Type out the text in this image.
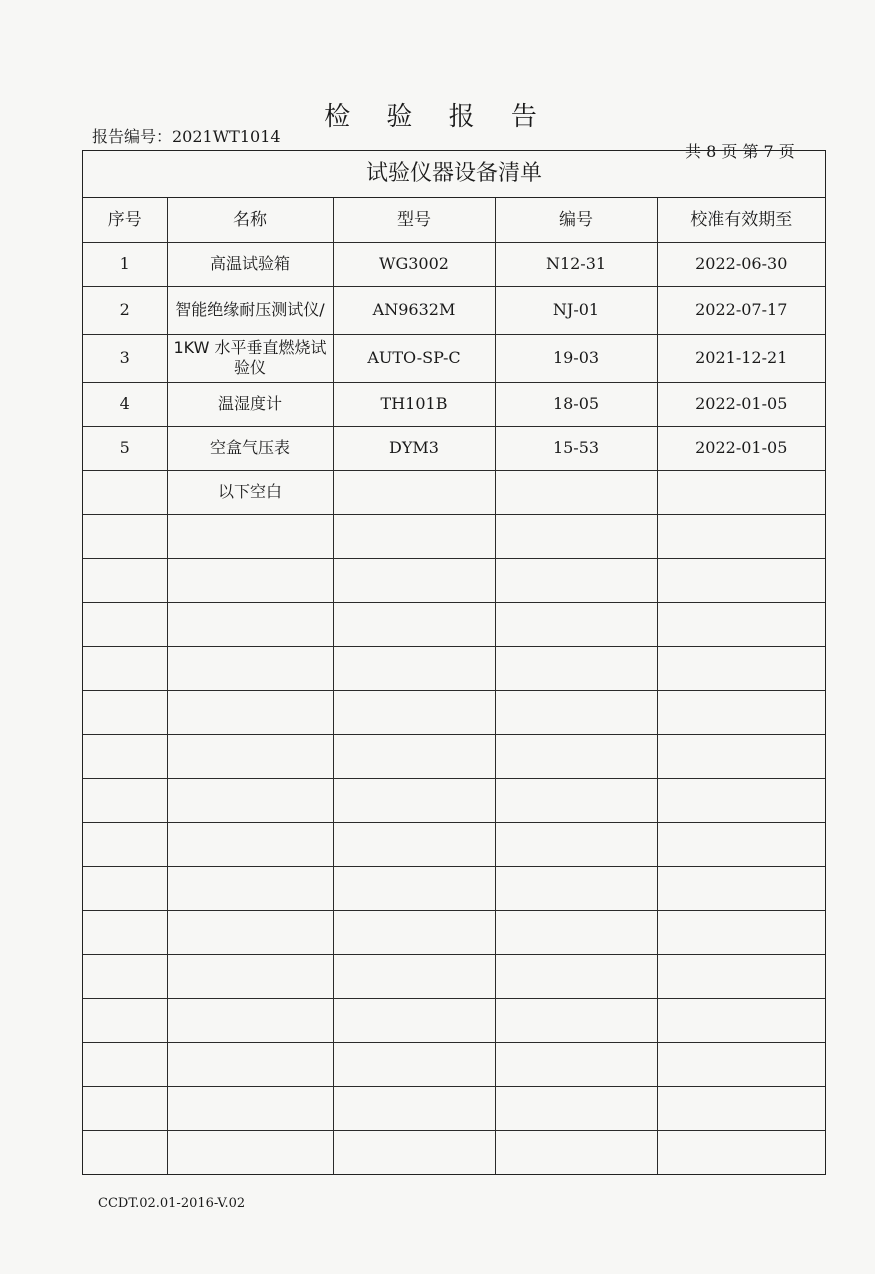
检 验 报 告
报告编号：2021WT1014
共 8 页 第 7 页
试验仪器设备清单
序号	名称	型号	编号	校准有效期至
1	高温试验箱	WG3002	N12-31	2022-06-30
2	智能绝缘耐压测试仪/	AN9632M	NJ-01	2022-07-17
3	1KW 水平垂直燃烧试验仪	AUTO-SP-C	19-03	2021-12-21
4	温湿度计	TH101B	18-05	2022-01-05
5	空盒气压表	DYM3	15-53	2022-01-05
	以下空白			

CCDT.02.01-2016-V.02
